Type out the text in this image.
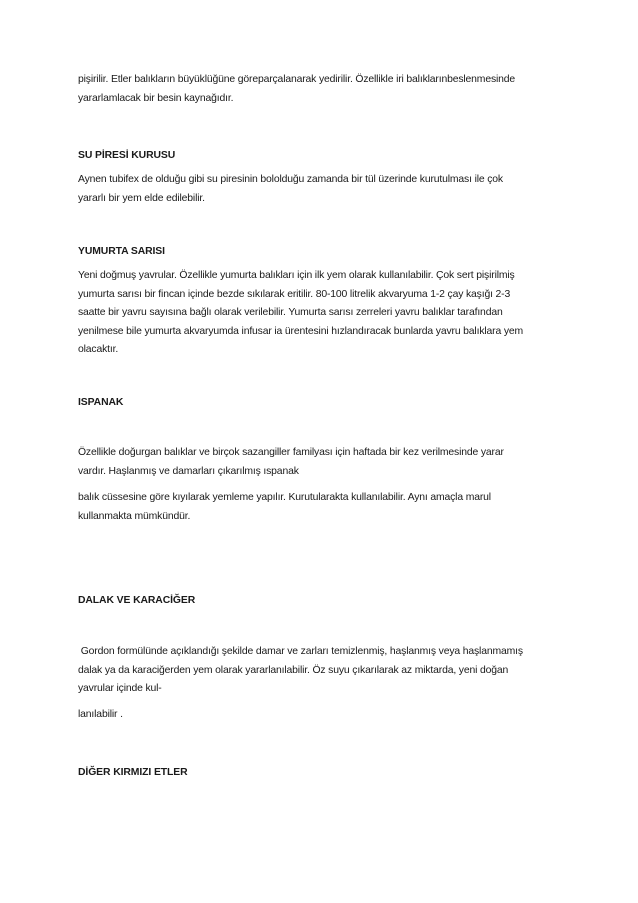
pişirilir. Etler balıkların büyüklüğüne göreparçalanarak yedirilir. Özellikle iri balıklarınbeslenmesinde
yararlamlacak bir besin kaynağıdır.
SU PİRESİ KURUSU
Aynen tubifex de olduğu gibi su piresinin bololduğu zamanda bir tül üzerinde kurutulması ile çok
yararlı bir yem elde edilebilir.
YUMURTA SARISI
Yeni doğmuş yavrular. Özellikle yumurta balıkları için ilk yem olarak kullanılabilir. Çok sert pişirilmiş
yumurta sarısı bir fincan içinde bezde sıkılarak eritilir. 80-100 litrelik akvaryuma 1-2 çay kaşığı 2-3
saatte bir yavru sayısına bağlı olarak verilebilir. Yumurta sarısı zerreleri yavru balıklar tarafından
yenilmese bile yumurta akvaryumda infusar ia ürentesini hızlandıracak bunlarda yavru balıklara yem
olacaktır.
ISPANAK
Özellikle doğurgan balıklar ve birçok sazangiller familyası için haftada bir kez verilmesinde yarar
vardır. Haşlanmış ve damarları çıkarılmış ıspanak
balık cüssesine göre kıyılarak yemleme yapılır. Kurutularakta kullanılabilir. Aynı amaçla marul
kullanmakta mümkündür.
DALAK VE KARACİĞER
Gordon formülünde açıklandığı şekilde damar ve zarları temizlenmiş, haşlanmış veya haşlanmamış
dalak ya da karaciğerden yem olarak yararlanılabilir. Öz suyu çıkarılarak az miktarda, yeni doğan
yavrular içinde kul-
lanılabilir .
DİĞER KIRMIZI ETLER
